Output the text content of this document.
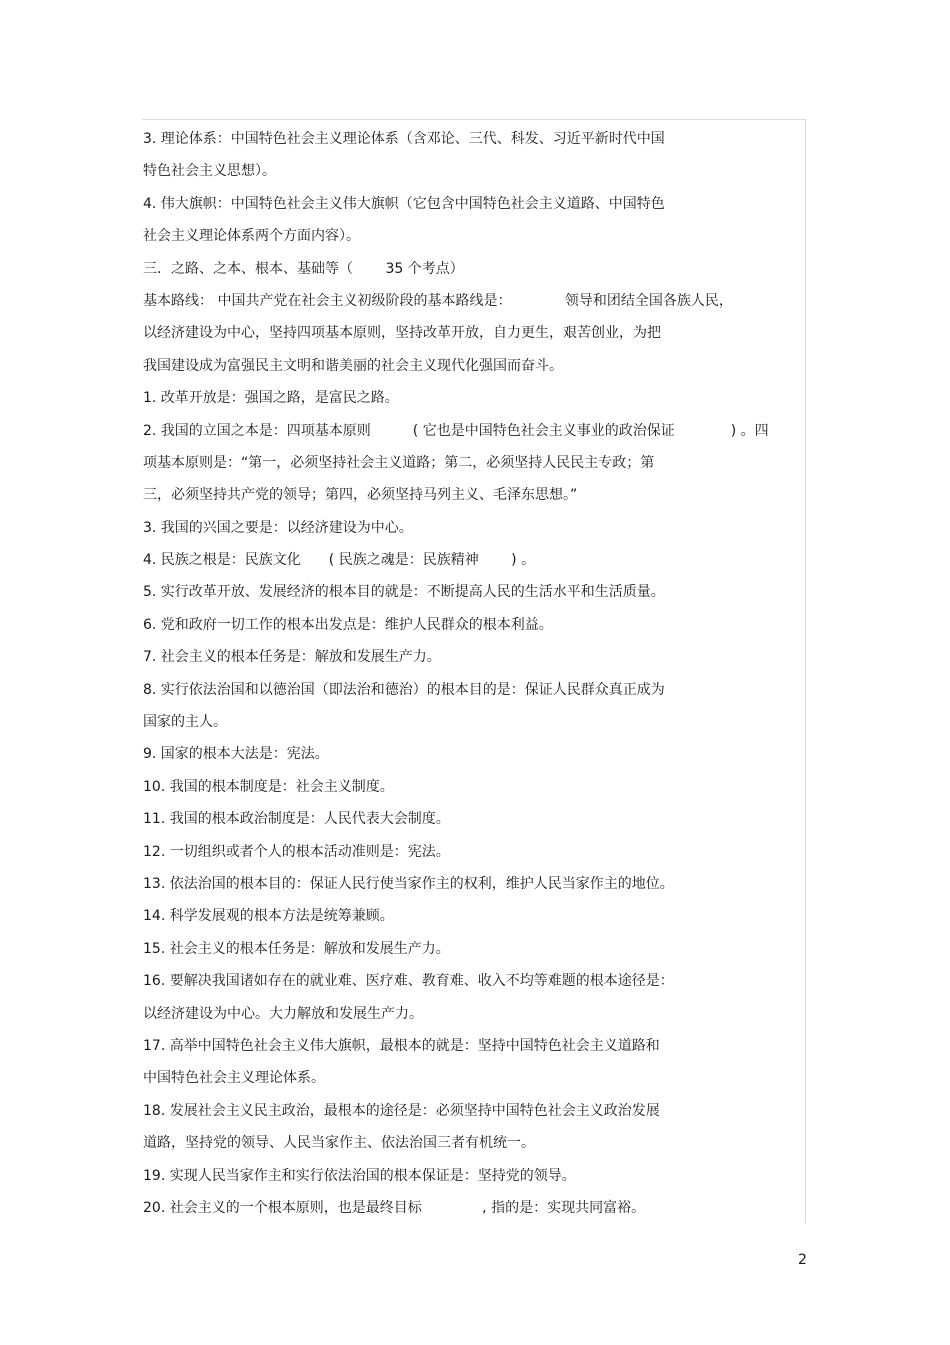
3. 理论体系：中国特色社会主义理论体系（含邓论、三代、科发、习近平新时代中国
特色社会主义思想）。
4. 伟大旗帜：中国特色社会主义伟大旗帜（它包含中国特色社会主义道路、中国特色
社会主义理论体系两个方面内容）。
三．之路、之本、根本、基础等（　　 35 个考点）
基本路线： 中国共产党在社会主义初级阶段的基本路线是：　　　　 领导和团结全国各族人民，
以经济建设为中心，坚持四项基本原则，坚持改革开放，自力更生，艰苦创业，为把
我国建设成为富强民主文明和谐美丽的社会主义现代化强国而奋斗。
1. 改革开放是：强国之路，是富民之路。
2. 我国的立国之本是：四项基本原则　　　( 它也是中国特色社会主义事业的政治保证　　　　) 。四
项基本原则是：“第一，必须坚持社会主义道路；第二，必须坚持人民民主专政；第
三，必须坚持共产党的领导；第四，必须坚持马列主义、毛泽东思想。”
3. 我国的兴国之要是：以经济建设为中心。
4. 民族之根是：民族文化　　( 民族之魂是：民族精神　　 ) 。
5. 实行改革开放、发展经济的根本目的就是：不断提高人民的生活水平和生活质量。
6. 党和政府一切工作的根本出发点是：维护人民群众的根本利益。
7. 社会主义的根本任务是：解放和发展生产力。
8. 实行依法治国和以德治国（即法治和德治）的根本目的是：保证人民群众真正成为
国家的主人。
9. 国家的根本大法是：宪法。
10. 我国的根本制度是：社会主义制度。
11. 我国的根本政治制度是：人民代表大会制度。
12. 一切组织或者个人的根本活动准则是：宪法。
13. 依法治国的根本目的：保证人民行使当家作主的权利，维护人民当家作主的地位。
14. 科学发展观的根本方法是统筹兼顾。
15. 社会主义的根本任务是：解放和发展生产力。
16. 要解决我国诸如存在的就业难、医疗难、教育难、收入不均等难题的根本途径是：
以经济建设为中心。大力解放和发展生产力。
17. 高举中国特色社会主义伟大旗帜，最根本的就是：坚持中国特色社会主义道路和
中国特色社会主义理论体系。
18. 发展社会主义民主政治，最根本的途径是：必须坚持中国特色社会主义政治发展
道路，坚持党的领导、人民当家作主、依法治国三者有机统一。
19. 实现人民当家作主和实行依法治国的根本保证是：坚持党的领导。
20. 社会主义的一个根本原则，也是最终目标　　　　 , 指的是：实现共同富裕。
2
